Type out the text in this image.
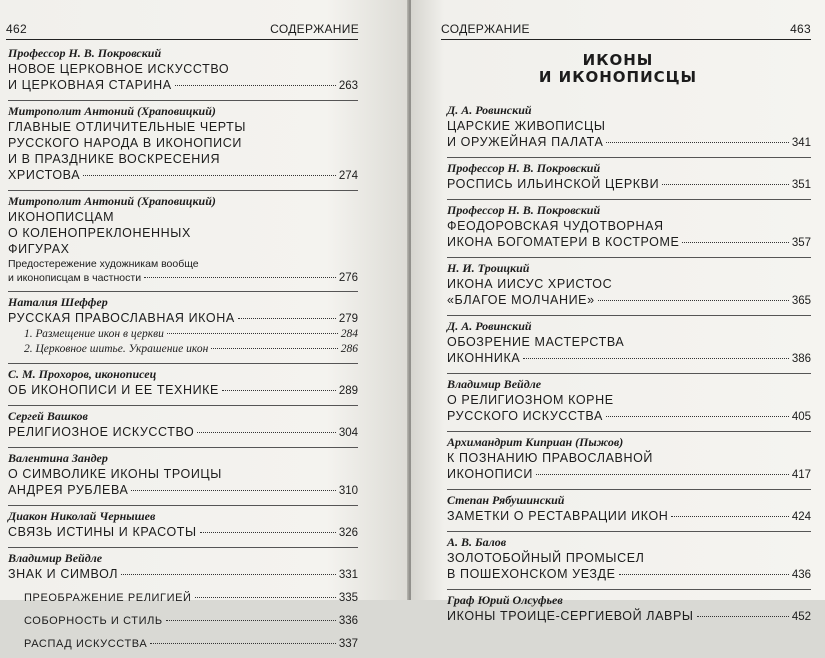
462	СОДЕРЖАНИЕ
Профессор Н. В. Покровский
НОВОЕ ЦЕРКОВНОЕ ИСКУССТВО
И ЦЕРКОВНАЯ СТАРИНА	263
Митрополит Антоний (Храповицкий)
ГЛАВНЫЕ ОТЛИЧИТЕЛЬНЫЕ ЧЕРТЫ
РУССКОГО НАРОДА В ИКОНОПИСИ
И В ПРАЗДНИКЕ ВОСКРЕСЕНИЯ
ХРИСТОВА	274
Митрополит Антоний (Храповицкий)
ИКОНОПИСЦАМ
О КОЛЕНОПРЕКЛОНЕННЫХ
ФИГУРАХ
Предостережение художникам вообще
и иконописцам в частности	276
Наталия Шеффер
РУССКАЯ ПРАВОСЛАВНАЯ ИКОНА	279
1. Размещение икон в церкви	284
2. Церковное шитье. Украшение икон	286
С. М. Прохоров, иконописец
ОБ ИКОНОПИСИ И ЕЕ ТЕХНИКЕ	289
Сергей Вашков
РЕЛИГИОЗНОЕ ИСКУССТВО	304
Валентина Зандер
О СИМВОЛИКЕ ИКОНЫ ТРОИЦЫ
АНДРЕЯ РУБЛЕВА	310
Диакон Николай Чернышев
СВЯЗЬ ИСТИНЫ И КРАСОТЫ	326
Владимир Вейдле
ЗНАК И СИМВОЛ	331
ПРЕОБРАЖЕНИЕ РЕЛИГИЕЙ	335
СОБОРНОСТЬ И СТИЛЬ	336
РАСПАД ИСКУССТВА	337
СОДЕРЖАНИЕ	463
ИКОНЫ
И ИКОНОПИСЦЫ
Д. А. Ровинский
ЦАРСКИЕ ЖИВОПИСЦЫ
И ОРУЖЕЙНАЯ ПАЛАТА	341
Профессор Н. В. Покровский
РОСПИСЬ ИЛЬИНСКОЙ ЦЕРКВИ	351
Профессор Н. В. Покровский
ФЕОДОРОВСКАЯ ЧУДОТВОРНАЯ
ИКОНА БОГОМАТЕРИ В КОСТРОМЕ	357
Н. И. Троицкий
ИКОНА ИИСУС ХРИСТОС
«БЛАГОЕ МОЛЧАНИЕ»	365
Д. А. Ровинский
ОБОЗРЕНИЕ МАСТЕРСТВА
ИКОННИКА	386
Владимир Вейдле
О РЕЛИГИОЗНОМ КОРНЕ
РУССКОГО ИСКУССТВА	405
Архимандрит Киприан (Пыжов)
К ПОЗНАНИЮ ПРАВОСЛАВНОЙ
ИКОНОПИСИ	417
Степан Рябушинский
ЗАМЕТКИ О РЕСТАВРАЦИИ ИКОН	424
А. В. Балов
ЗОЛОТОБОЙНЫЙ ПРОМЫСЕЛ
В ПОШЕХОНСКОМ УЕЗДЕ	436
Граф Юрий Олсуфьев
ИКОНЫ ТРОИЦЕ-СЕРГИЕВОЙ ЛАВРЫ	452
